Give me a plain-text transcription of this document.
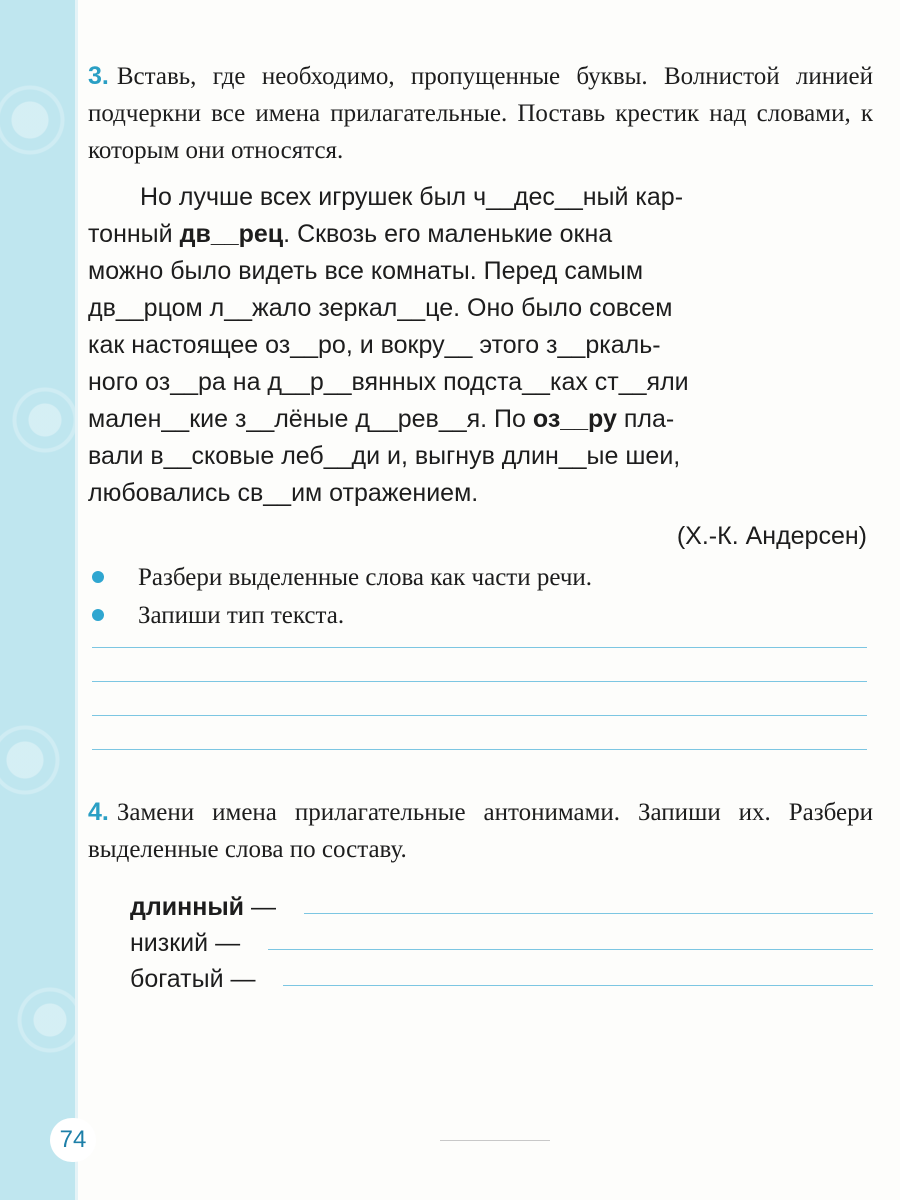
3. Вставь, где необходимо, пропущенные буквы. Волнистой линией подчеркни все имена прилагательные. Поставь крестик над словами, к которым они относятся.

Но лучше всех игрушек был ч__дес__ный кар-
тонный дв__рец. Сквозь его маленькие окна
можно было видеть все комнаты. Перед самым
дв__рцом л__жало зеркал__це. Оно было совсем
как настоящее оз__ро, и вокру__ этого з__ркаль-
ного оз__ра на д__р__вянных подста__ках ст__яли
мален__кие з__лёные д__рев__я. По оз__ру пла-
вали в__сковые леб__ди и, выгнув длин__ые шеи,
любовались св__им отражением.
(Х.-К. Андерсен)
Разбери выделенные слова как части речи.
Запиши тип текста.

4. Замени имена прилагательные антонимами. Запиши их. Разбери выделенные слова по составу.

длинный
—
низкий
—
богатый
—
74
